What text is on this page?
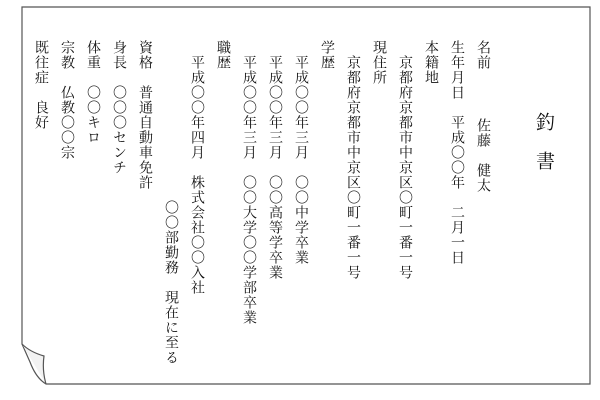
釣書
名前
佐藤　健太
生年月日　平成〇〇年　二月一日
本籍地
　京都府京都市中京区〇町一番一号
現住所
　京都府京都市中京区〇町一番一号
学歴
　平成〇〇年三月　〇〇中学卒業
　平成〇〇年三月　〇〇高等学卒業
　平成〇〇年三月　〇〇大学〇〇学部卒業
職歴
　平成〇〇年四月　株式会社〇〇入社
〇〇部勤務　現在に至る
資格　普通自動車免許
身長　〇〇〇センチ
体重　〇〇キロ
宗教　仏教〇〇宗
既往症　良好
